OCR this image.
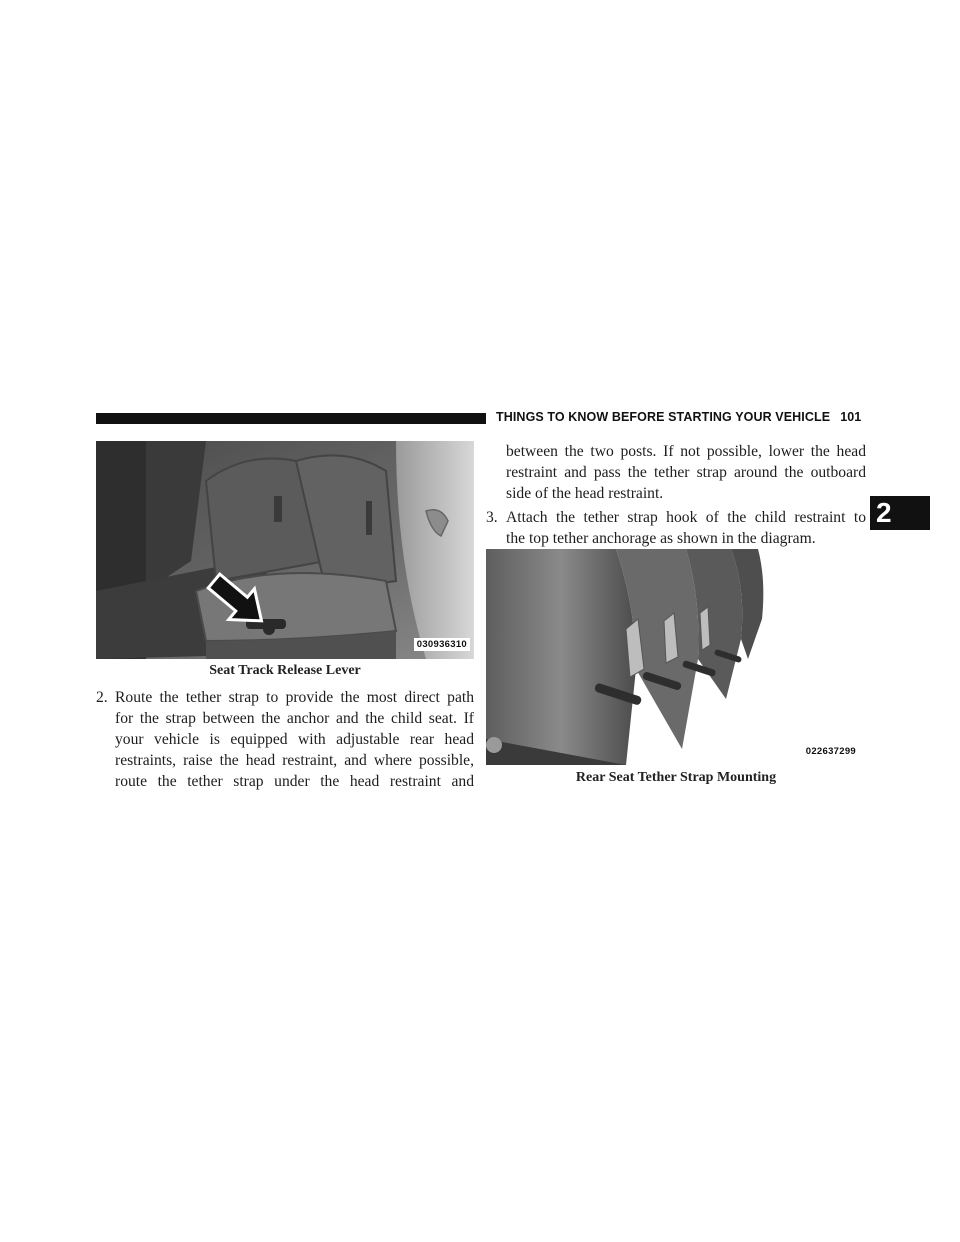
THINGS TO KNOW BEFORE STARTING YOUR VEHICLE 101
2
030936310
Seat Track Release Lever
2. Route the tether strap to provide the most direct path
for the strap between the anchor and the child seat. If
your vehicle is equipped with adjustable rear head
restraints, raise the head restraint, and where possible,
route the tether strap under the head restraint and
between the two posts. If not possible, lower the head
restraint and pass the tether strap around the outboard
side of the head restraint.
3. Attach the tether strap hook of the child restraint to
the top tether anchorage as shown in the diagram.
022637299
Rear Seat Tether Strap Mounting
